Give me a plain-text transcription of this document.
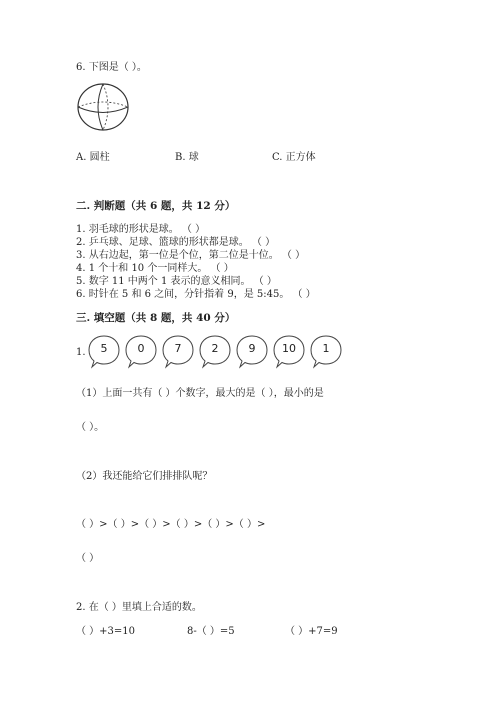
6. 下图是（ ）。
A. 圆柱	B. 球	C. 正方体
二. 判断题（共 6 题，共 12 分）
1. 羽毛球的形状是球。 （ ）
2. 乒乓球、足球、篮球的形状都是球。 （ ）
3. 从右边起，第一位是个位，第二位是十位。 （ ）
4. 1 个十和 10 个一同样大。 （ ）
5. 数字 11 中两个 1 表示的意义相同。 （ ）
6. 时针在 5 和 6 之间，分针指着 9，是 5:45。 （ ）
三. 填空题（共 8 题，共 40 分）
1.	5	0	7	2	9	10	1
（1）上面一共有（ ）个数字，最大的是（ ），最小的是
（ ）。
（2）我还能给它们排排队呢？
（ ）>（ ）>（ ）>（ ）>（ ）>（ ）>
（ ）
2. 在（ ）里填上合适的数。
（ ）+3=10	8-（ ）=5	（ ）+7=9
